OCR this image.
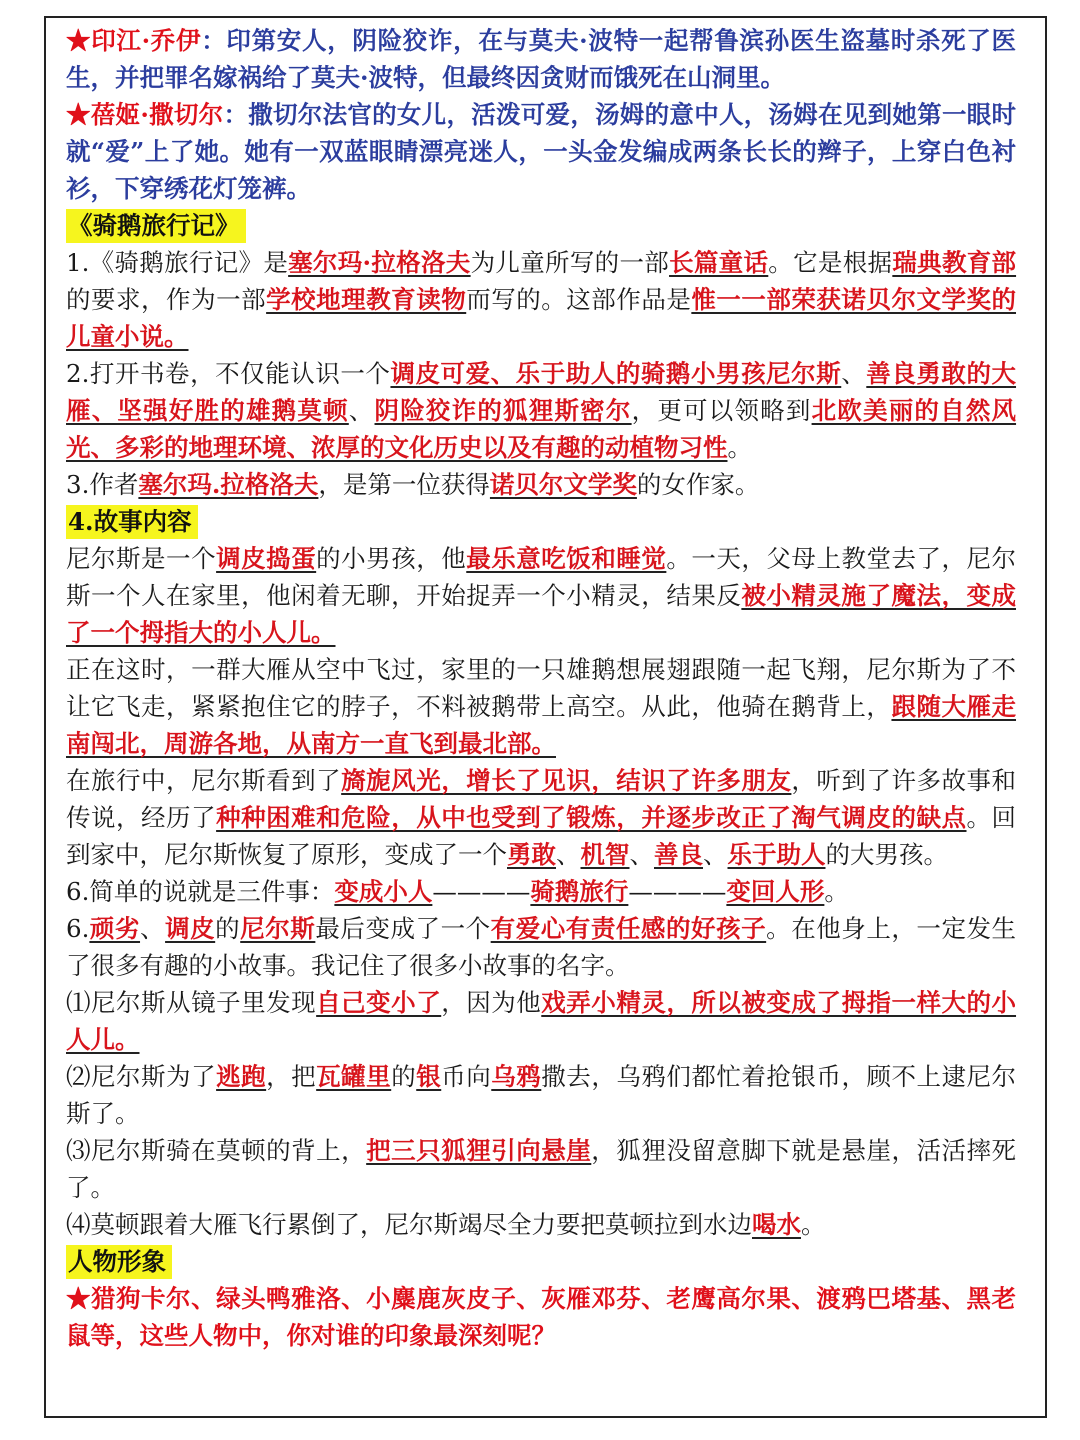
★印江·乔伊：印第安人，阴险狡诈，在与莫夫·波特一起帮鲁滨孙医生盗墓时杀死了医生，并把罪名嫁祸给了莫夫·波特，但最终因贪财而饿死在山洞里。

★蓓姬·撒切尔：撒切尔法官的女儿，活泼可爱，汤姆的意中人，汤姆在见到她第一眼时就“爱”上了她。她有一双蓝眼睛漂亮迷人，一头金发编成两条长长的辫子，上穿白色衬衫，下穿绣花灯笼裤。

《骑鹅旅行记》

1.《骑鹅旅行记》是塞尔玛·拉格洛夫为儿童所写的一部长篇童话。它是根据瑞典教育部的要求，作为一部学校地理教育读物而写的。这部作品是惟一一部荣获诺贝尔文学奖的儿童小说。

2.打开书卷，不仅能认识一个调皮可爱、乐于助人的骑鹅小男孩尼尔斯、善良勇敢的大雁、坚强好胜的雄鹅莫顿、阴险狡诈的狐狸斯密尔，更可以领略到北欧美丽的自然风光、多彩的地理环境、浓厚的文化历史以及有趣的动植物习性。

3.作者塞尔玛.拉格洛夫，是第一位获得诺贝尔文学奖的女作家。

4.故事内容

尼尔斯是一个调皮捣蛋的小男孩，他最乐意吃饭和睡觉。一天，父母上教堂去了，尼尔斯一个人在家里，他闲着无聊，开始捉弄一个小精灵，结果反被小精灵施了魔法，变成了一个拇指大的小人儿。

正在这时，一群大雁从空中飞过，家里的一只雄鹅想展翅跟随一起飞翔，尼尔斯为了不让它飞走，紧紧抱住它的脖子，不料被鹅带上高空。从此，他骑在鹅背上，跟随大雁走南闯北，周游各地，从南方一直飞到最北部。

在旅行中，尼尔斯看到了旖旎风光，增长了见识，结识了许多朋友，听到了许多故事和传说，经历了种种困难和危险，从中也受到了锻炼，并逐步改正了淘气调皮的缺点。回到家中，尼尔斯恢复了原形，变成了一个勇敢、机智、善良、乐于助人的大男孩。

6.简单的说就是三件事：变成小人————骑鹅旅行————变回人形。

6.顽劣、调皮的尼尔斯最后变成了一个有爱心有责任感的好孩子。在他身上，一定发生了很多有趣的小故事。我记住了很多小故事的名字。

⑴尼尔斯从镜子里发现自己变小了，因为他戏弄小精灵，所以被变成了拇指一样大的小人儿。

⑵尼尔斯为了逃跑，把瓦罐里的银币向乌鸦撒去，乌鸦们都忙着抢银币，顾不上逮尼尔斯了。

⑶尼尔斯骑在莫顿的背上，把三只狐狸引向悬崖，狐狸没留意脚下就是悬崖，活活摔死了。

⑷莫顿跟着大雁飞行累倒了，尼尔斯竭尽全力要把莫顿拉到水边喝水。

人物形象

★猎狗卡尔、绿头鸭雅洛、小麋鹿灰皮子、灰雁邓芬、老鹰高尔果、渡鸦巴塔基、黑老鼠等，这些人物中，你对谁的印象最深刻呢？
